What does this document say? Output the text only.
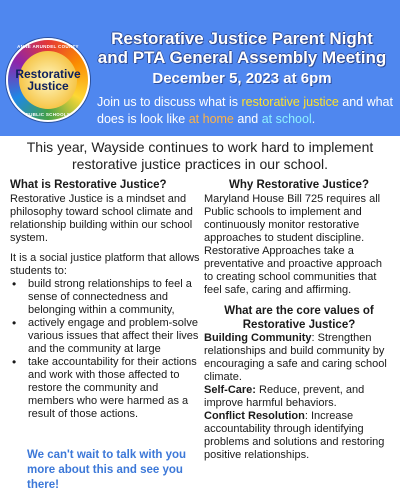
ANNE ARUNDEL COUNTY
Restorative
Justice
PUBLIC SCHOOLS
Restorative Justice Parent Night
and PTA General Assembly Meeting
December 5, 2023 at 6pm
Join us to discuss what is restorative justice and what does is look like at home and at school.
This year, Wayside continues to work hard to implement restorative justice practices in our school.
What is Restorative Justice?
Restorative Justice is a mindset and philosophy toward school climate and relationship building within our school system.
It is a social justice platform that allows students to:
• build strong relationships to feel a sense of connectedness and belonging within a community,
• actively engage and problem-solve various issues that affect their lives and the community at large
• take accountability for their actions and work with those affected to restore the community and members who were harmed as a result of those actions.
We can't wait to talk with you more about this and see you there!
Why Restorative Justice?
Maryland House Bill 725 requires all Public schools to implement and continuously monitor restorative approaches to student discipline.
Restorative Approaches take a preventative and proactive approach to creating school communities that feel safe, caring and affirming.
What are the core values of Restorative Justice?
Building Community: Strengthen relationships and build community by encouraging a safe and caring school climate.
Self-Care: Reduce, prevent, and improve harmful behaviors.
Conflict Resolution: Increase accountability through identifying problems and solutions and restoring positive relationships.
